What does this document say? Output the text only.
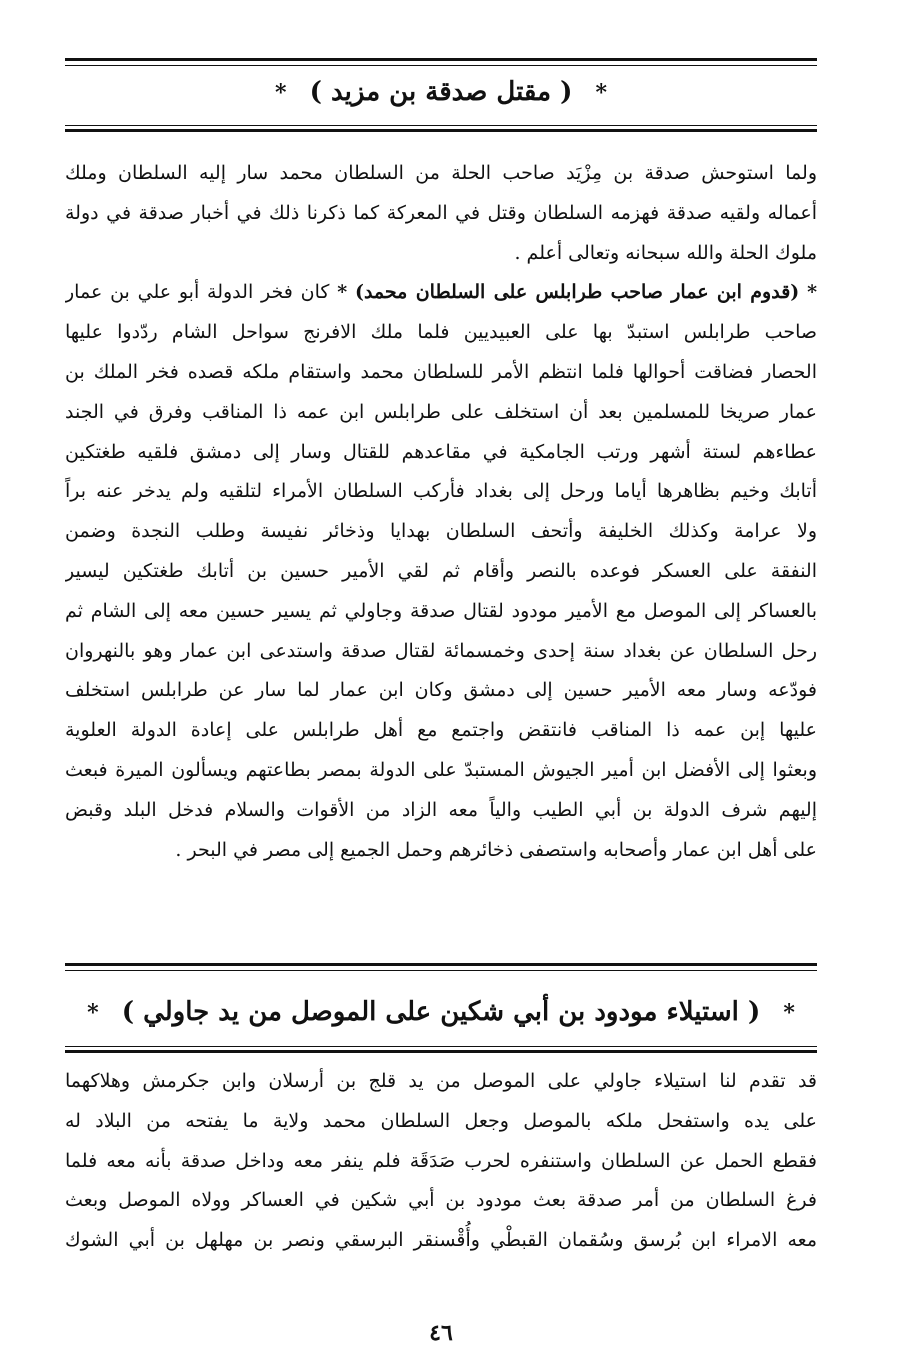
* ( مقتل صدقة بن مزيد ) *
ولما استوحش صدقة بن مِزْيَد صاحب الحلة من السلطان محمد سار إليه السلطان وملك
أعماله ولقيه صدقة فهزمه السلطان وقتل في المعركة كما ذكرنا ذلك في أخبار صدقة في دولة
ملوك الحلة والله سبحانه وتعالى أعلم .
* (قدوم ابن عمار صاحب طرابلس على السلطان محمد) * كان فخر الدولة أبو علي بن عمار
صاحب طرابلس استبدّ بها على العبيديين فلما ملك الافرنج سواحل الشام ردّدوا عليها
الحصار فضاقت أحوالها فلما انتظم الأمر للسلطان محمد واستقام ملكه قصده فخر الملك بن
عمار صريخا للمسلمين بعد أن استخلف على طرابلس ابن عمه ذا المناقب وفرق في الجند
عطاءهم لستة أشهر ورتب الجامكية في مقاعدهم للقتال وسار إلى دمشق فلقيه طغتكين
أتابك وخيم بظاهرها أياما ورحل إلى بغداد فأركب السلطان الأمراء لتلقيه ولم يدخر عنه براً
ولا عرامة وكذلك الخليفة وأتحف السلطان بهدايا وذخائر نفيسة وطلب النجدة وضمن
النفقة على العسكر فوعده بالنصر وأقام ثم لقي الأمير حسين بن أتابك طغتكين ليسير
بالعساكر إلى الموصل مع الأمير مودود لقتال صدقة وجاولي ثم يسير حسين معه إلى الشام ثم
رحل السلطان عن بغداد سنة إحدى وخمسمائة لقتال صدقة واستدعى ابن عمار وهو بالنهروان
فودّعه وسار معه الأمير حسين إلى دمشق وكان ابن عمار لما سار عن طرابلس استخلف
عليها إبن عمه ذا المناقب فانتقض واجتمع مع أهل طرابلس على إعادة الدولة العلوية
وبعثوا إلى الأفضل ابن أمير الجيوش المستبدّ على الدولة بمصر بطاعتهم ويسألون الميرة فبعث
إليهم شرف الدولة بن أبي الطيب والياً معه الزاد من الأقوات والسلام فدخل البلد وقبض
على أهل ابن عمار وأصحابه واستصفى ذخائرهم وحمل الجميع إلى مصر في البحر .
* ( استيلاء مودود بن أبي شكين على الموصل من يد جاولي ) *
قد تقدم لنا استيلاء جاولي على الموصل من يد قلج بن أرسلان وابن جكرمش وهلاكهما
على يده واستفحل ملكه بالموصل وجعل السلطان محمد ولاية ما يفتحه من البلاد له
فقطع الحمل عن السلطان واستنفره لحرب صَدَقَة فلم ينفر معه وداخل صدقة بأنه معه فلما
فرغ السلطان من أمر صدقة بعث مودود بن أبي شكين في العساكر وولاه الموصل وبعث
معه الامراء ابن بُرسق وسُقمان القبطْي وأُقْسنقر البرسقي ونصر بن مهلهل بن أبي الشوك
٤٦
